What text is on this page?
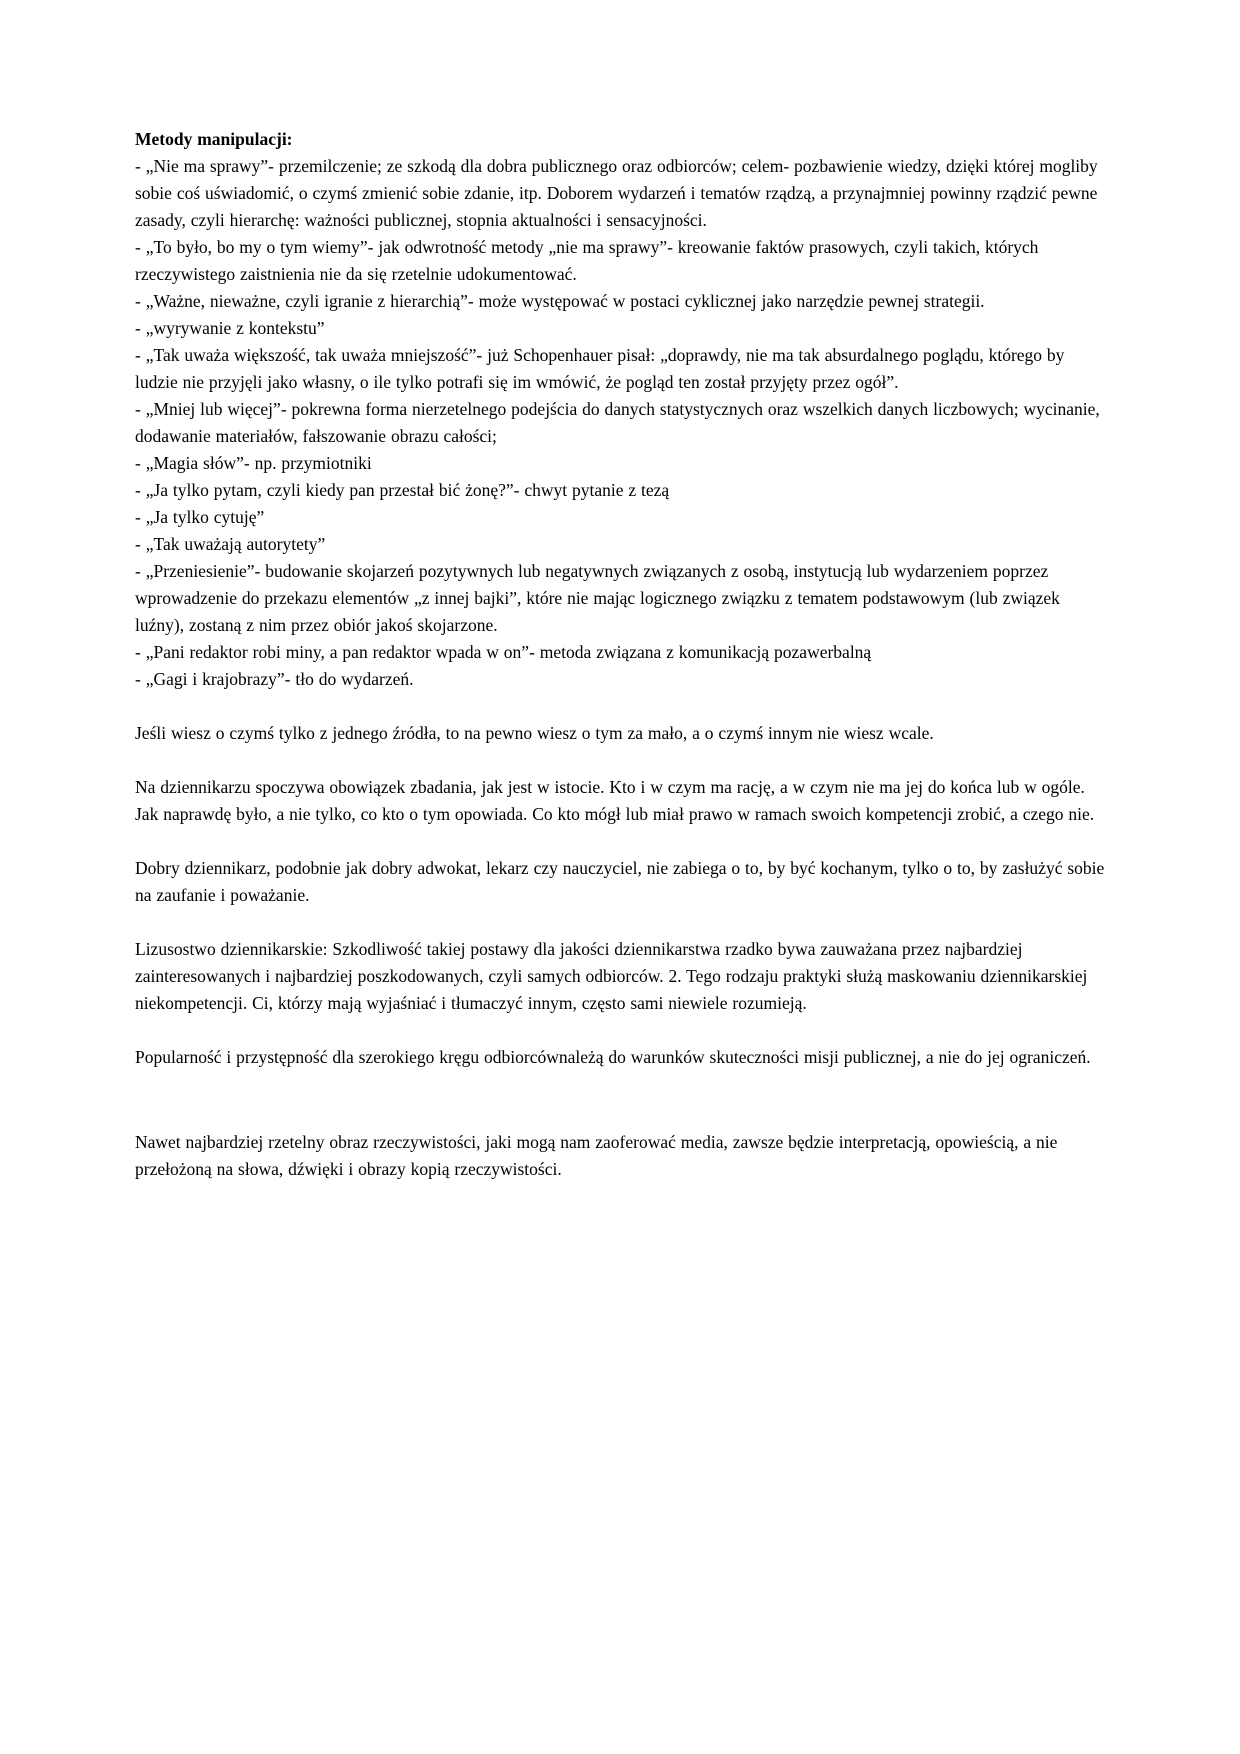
Metody manipulacji:

- „Nie ma sprawy”- przemilczenie; ze szkodą dla dobra publicznego oraz odbiorców; celem- pozbawienie wiedzy, dzięki której mogliby sobie coś uświadomić, o czymś zmienić sobie zdanie, itp. Doborem wydarzeń i tematów rządzą, a przynajmniej powinny rządzić pewne zasady, czyli hierarchę: ważności publicznej, stopnia aktualności i sensacyjności.

- „To było, bo my o tym wiemy”- jak odwrotność metody „nie ma sprawy”- kreowanie faktów prasowych, czyli takich, których rzeczywistego zaistnienia nie da się rzetelnie udokumentować.

- „Ważne, nieważne, czyli igranie z hierarchią”- może występować w postaci cyklicznej jako narzędzie pewnej strategii.

- „wyrywanie z kontekstu”

- „Tak uważa większość, tak uważa mniejszość”- już Schopenhauer pisał: „doprawdy, nie ma tak absurdalnego poglądu, którego by ludzie nie przyjęli jako własny, o ile tylko potrafi się im wmówić, że pogląd ten został przyjęty przez ogół”.

- „Mniej lub więcej”- pokrewna forma nierzetelnego podejścia do danych statystycznych oraz wszelkich danych liczbowych; wycinanie, dodawanie materiałów, fałszowanie obrazu całości;

- „Magia słów”- np. przymiotniki

- „Ja tylko pytam, czyli kiedy pan przestał bić żonę?”- chwyt pytanie z tezą

- „Ja tylko cytuję”

- „Tak uważają autorytety”

- „Przeniesienie”- budowanie skojarzeń pozytywnych lub negatywnych związanych z osobą, instytucją lub wydarzeniem poprzez wprowadzenie do przekazu elementów „z innej bajki”, które nie mając logicznego związku z tematem podstawowym (lub związek luźny), zostaną z nim przez obiór jakoś skojarzone.

- „Pani redaktor robi miny, a pan redaktor wpada w on”- metoda związana z komunikacją pozawerbalną

- „Gagi i krajobrazy”- tło do wydarzeń.

Jeśli wiesz o czymś tylko z jednego źródła, to na pewno wiesz o tym za mało, a o czymś innym nie wiesz wcale.

Na dziennikarzu spoczywa obowiązek zbadania, jak jest w istocie. Kto i w czym ma rację, a w czym nie ma jej do końca lub w ogóle. Jak naprawdę było, a nie tylko, co kto o tym opowiada. Co kto mógł lub miał prawo w ramach swoich kompetencji zrobić, a czego nie.

Dobry dziennikarz, podobnie jak dobry adwokat, lekarz czy nauczyciel, nie zabiega o to, by być kochanym, tylko o to, by zasłużyć sobie na zaufanie i poważanie.

Lizusostwo dziennikarskie: Szkodliwość takiej postawy dla jakości dziennikarstwa rzadko bywa zauważana przez najbardziej zainteresowanych i najbardziej poszkodowanych, czyli samych odbiorców. 2. Tego rodzaju praktyki służą maskowaniu dziennikarskiej niekompetencji. Ci, którzy mają wyjaśniać i tłumaczyć innym, często sami niewiele rozumieją.

Popularność i przystępność dla szerokiego kręgu odbiorcównależą do warunków skuteczności misji publicznej, a nie do jej ograniczeń.

Nawet najbardziej rzetelny obraz rzeczywistości, jaki mogą nam zaoferować media, zawsze będzie interpretacją, opowieścią, a nie przełożoną na słowa, dźwięki i obrazy kopią rzeczywistości.
